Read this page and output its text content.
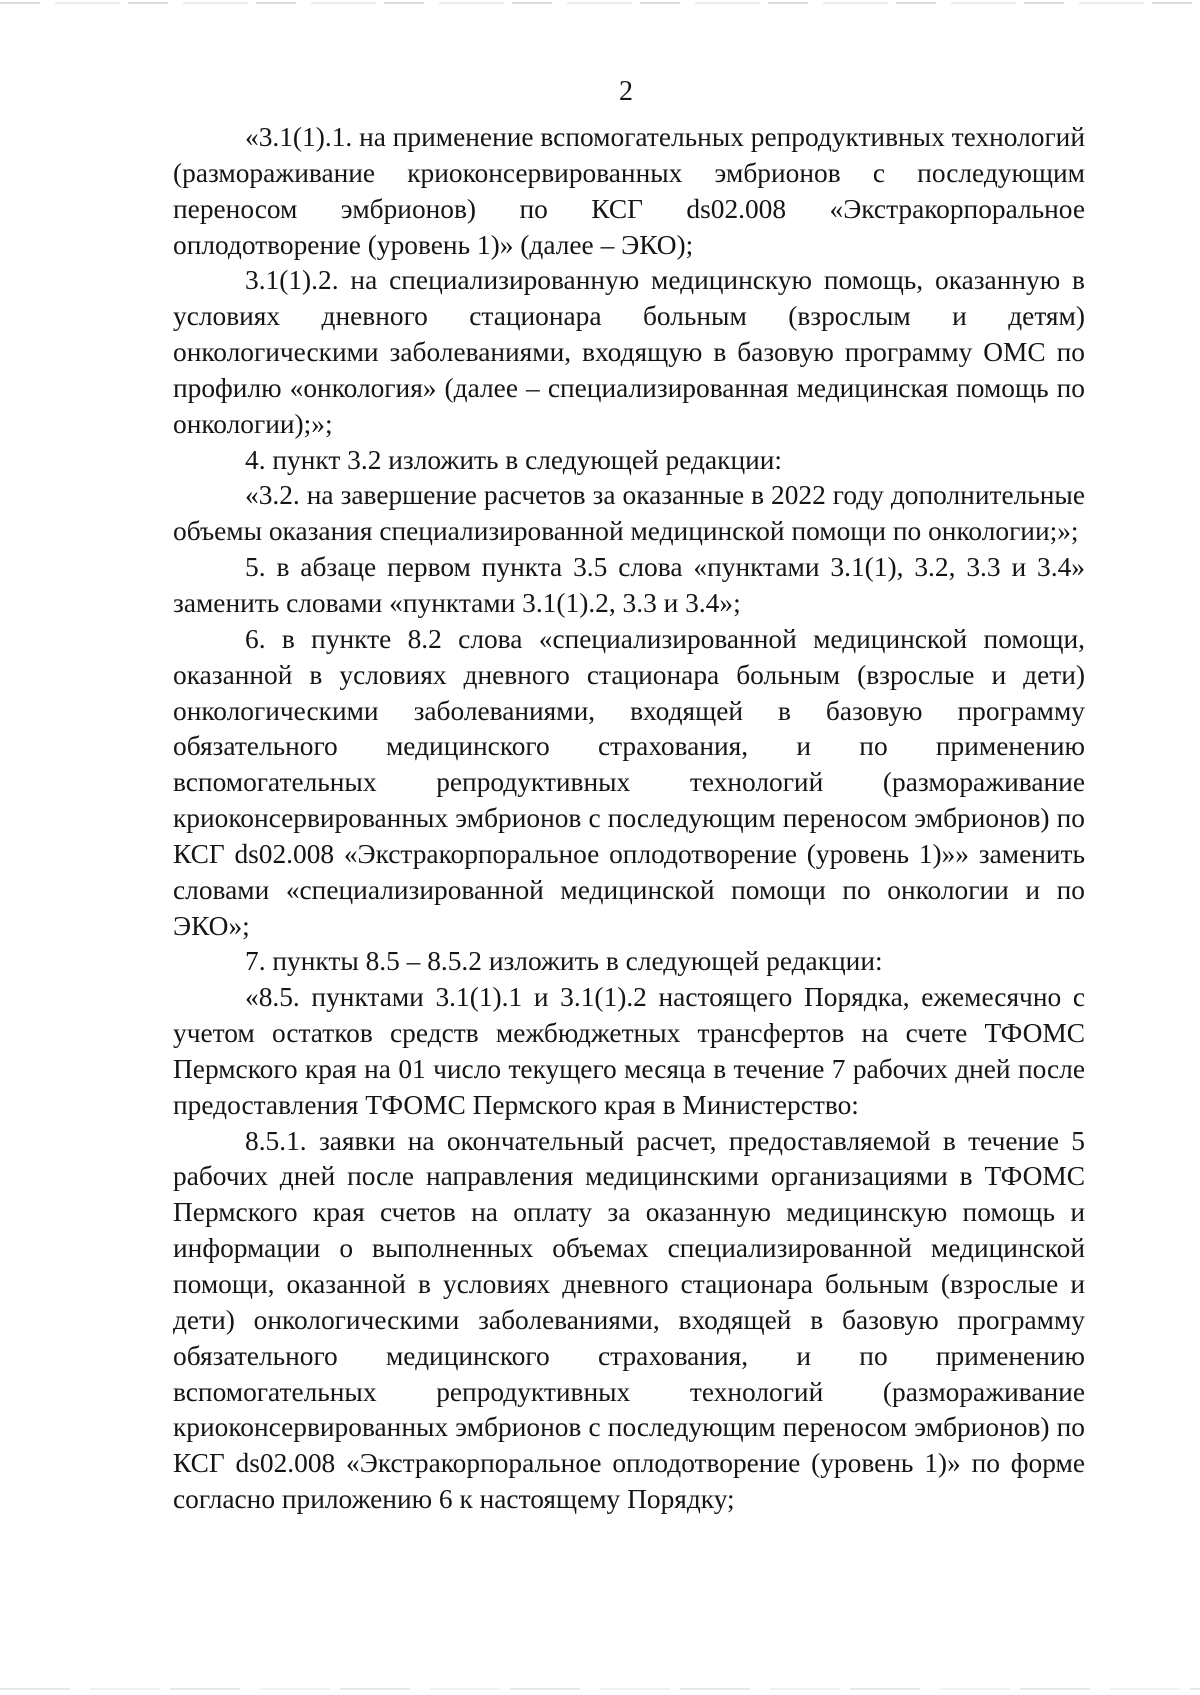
2

«3.1(1).1. на применение вспомогательных репродуктивных технологий (размораживание криоконсервированных эмбрионов с последующим переносом эмбрионов) по КСГ ds02.008 «Экстракорпоральное оплодотворение (уровень 1)» (далее – ЭКО);

3.1(1).2. на специализированную медицинскую помощь, оказанную в условиях дневного стационара больным (взрослым и детям) онкологическими заболеваниями, входящую в базовую программу ОМС по профилю «онкология» (далее – специализированная медицинская помощь по онкологии);»;

4. пункт 3.2 изложить в следующей редакции:

«3.2. на завершение расчетов за оказанные в 2022 году дополнительные объемы оказания специализированной медицинской помощи по онкологии;»;

5. в абзаце первом пункта 3.5 слова «пунктами 3.1(1), 3.2, 3.3 и 3.4» заменить словами «пунктами 3.1(1).2, 3.3 и 3.4»;

6. в пункте 8.2 слова «специализированной медицинской помощи, оказанной в условиях дневного стационара больным (взрослые и дети) онкологическими заболеваниями, входящей в базовую программу обязательного медицинского страхования, и по применению вспомогательных репродуктивных технологий (размораживание криоконсервированных эмбрионов с последующим переносом эмбрионов) по КСГ ds02.008 «Экстракорпоральное оплодотворение (уровень 1)»» заменить словами «специализированной медицинской помощи по онкологии и по ЭКО»;

7. пункты 8.5 – 8.5.2 изложить в следующей редакции:

«8.5. пунктами 3.1(1).1 и 3.1(1).2 настоящего Порядка, ежемесячно с учетом остатков средств межбюджетных трансфертов на счете ТФОМС Пермского края на 01 число текущего месяца в течение 7 рабочих дней после предоставления ТФОМС Пермского края в Министерство:

8.5.1. заявки на окончательный расчет, предоставляемой в течение 5 рабочих дней после направления медицинскими организациями в ТФОМС Пермского края счетов на оплату за оказанную медицинскую помощь и информации о выполненных объемах специализированной медицинской помощи, оказанной в условиях дневного стационара больным (взрослые и дети) онкологическими заболеваниями, входящей в базовую программу обязательного медицинского страхования, и по применению вспомогательных репродуктивных технологий (размораживание криоконсервированных эмбрионов с последующим переносом эмбрионов) по КСГ ds02.008 «Экстракорпоральное оплодотворение (уровень 1)» по форме согласно приложению 6 к настоящему Порядку;
